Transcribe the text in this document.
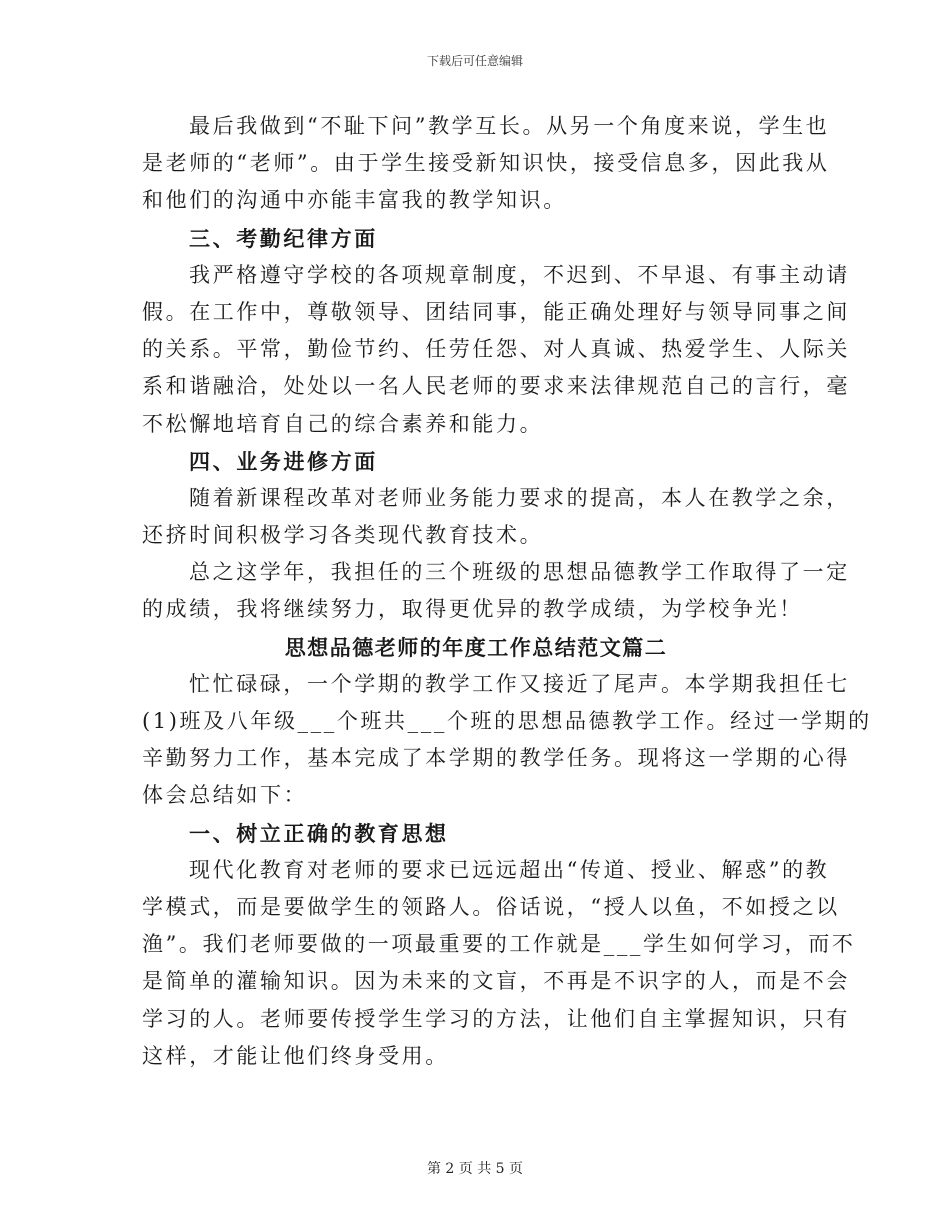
下载后可任意编辑
最后我做到“不耻下问”教学互长。从另一个角度来说，学生也
是老师的“老师”。由于学生接受新知识快，接受信息多，因此我从
和他们的沟通中亦能丰富我的教学知识。
三、考勤纪律方面
我严格遵守学校的各项规章制度，不迟到、不早退、有事主动请
假。在工作中，尊敬领导、团结同事，能正确处理好与领导同事之间
的关系。平常，勤俭节约、任劳任怨、对人真诚、热爱学生、人际关
系和谐融洽，处处以一名人民老师的要求来法律规范自己的言行，毫
不松懈地培育自己的综合素养和能力。
四、业务进修方面
随着新课程改革对老师业务能力要求的提高，本人在教学之余，
还挤时间积极学习各类现代教育技术。
总之这学年，我担任的三个班级的思想品德教学工作取得了一定
的成绩，我将继续努力，取得更优异的教学成绩，为学校争光！
思想品德老师的年度工作总结范文篇二
忙忙碌碌，一个学期的教学工作又接近了尾声。本学期我担任七
(1)班及八年级___个班共___个班的思想品德教学工作。经过一学期的
辛勤努力工作，基本完成了本学期的教学任务。现将这一学期的心得
体会总结如下：
一、树立正确的教育思想
现代化教育对老师的要求已远远超出“传道、授业、解惑”的教
学模式，而是要做学生的领路人。俗话说，“授人以鱼，不如授之以
渔”。我们老师要做的一项最重要的工作就是___学生如何学习，而不
是简单的灌输知识。因为未来的文盲，不再是不识字的人，而是不会
学习的人。老师要传授学生学习的方法，让他们自主掌握知识，只有
这样，才能让他们终身受用。
第 2 页 共 5 页
